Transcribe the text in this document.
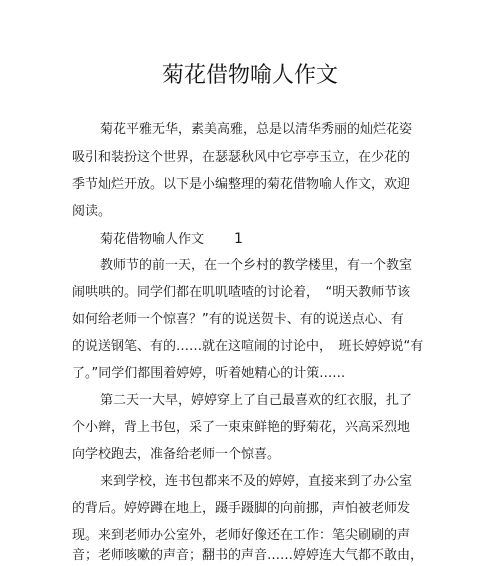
菊花借物喻人作文
菊花平雅无华，素美高雅，总是以清华秀丽的灿烂花姿
吸引和装扮这个世界，在瑟瑟秋风中它亭亭玉立，在少花的
季节灿烂开放。以下是小编整理的菊花借物喻人作文，欢迎
阅读。
菊花借物喻人作文 1
教师节的前一天，在一个乡村的教学楼里，有一个教室
闹哄哄的。同学们都在叽叽喳喳的讨论着，　“明天教师节该
如何给老师一个惊喜？”有的说送贺卡、有的说送点心、有
的说送钢笔、有的……就在这喧闹的讨论中，　班长婷婷说“有
了。”同学们都围着婷婷，听着她精心的计策……
第二天一大早，婷婷穿上了自己最喜欢的红衣服，扎了
个小辫，背上书包，采了一束束鲜艳的野菊花，兴高采烈地
向学校跑去，准备给老师一个惊喜。
来到学校，连书包都来不及的婷婷，直接来到了办公室
的背后。婷婷蹲在地上，蹑手蹑脚的向前挪，声怕被老师发
现。来到老师办公室外，老师好像还在工作：笔尖刷刷的声
音；老师咳嗽的声音；翻书的声音……婷婷连大气都不敢由，
